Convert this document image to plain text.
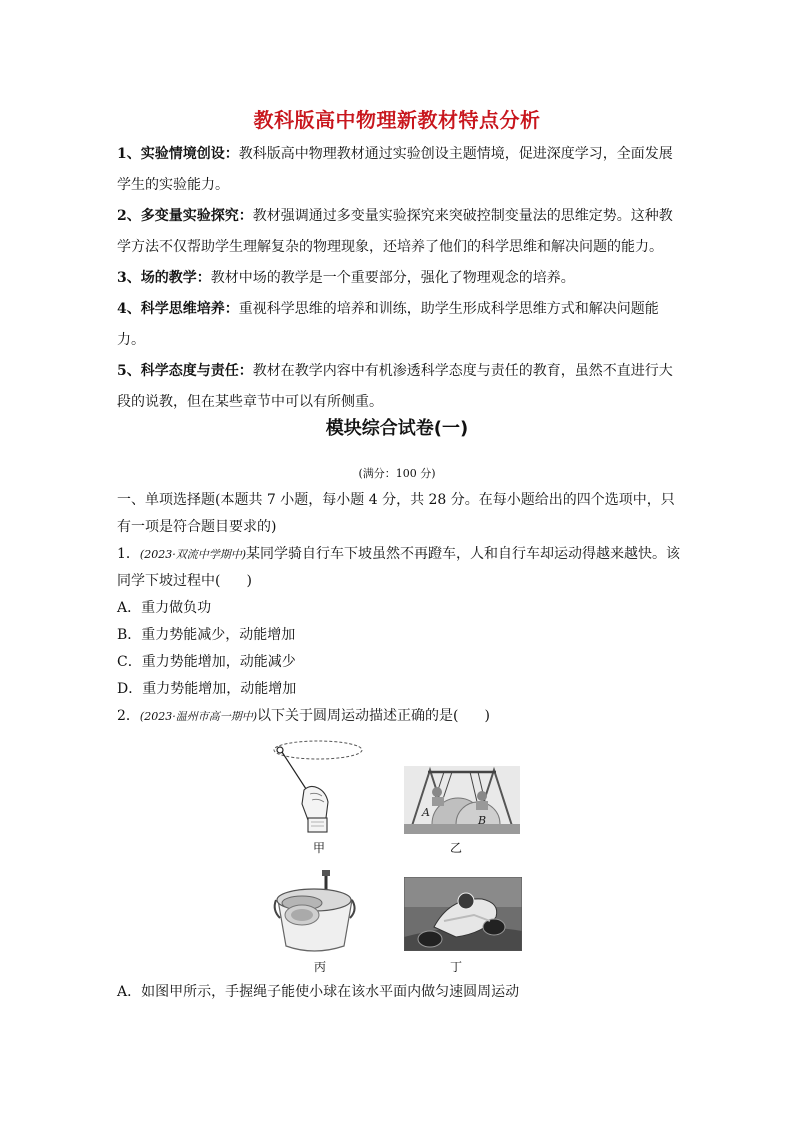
教科版高中物理新教材特点分析

1、实验情境创设：教科版高中物理教材通过实验创设主题情境，促进深度学习，全面发展学生的实验能力。

2、多变量实验探究：教材强调通过多变量实验探究来突破控制变量法的思维定势。这种教学方法不仅帮助学生理解复杂的物理现象，还培养了他们的科学思维和解决问题的能力。

3、场的教学：教材中场的教学是一个重要部分，强化了物理观念的培养。

4、科学思维培养：重视科学思维的培养和训练，助学生形成科学思维方式和解决问题能力。

5、科学态度与责任：教材在教学内容中有机渗透科学态度与责任的教育，虽然不直进行大段的说教，但在某些章节中可以有所侧重。

模块综合试卷(一)
(满分：100 分)

一、单项选择题(本题共 7 小题，每小题 4 分，共 28 分。在每小题给出的四个选项中，只有一项是符合题目要求的)

1．(2023·双流中学期中)某同学骑自行车下坡虽然不再蹬车，人和自行车却运动得越来越快。该同学下坡过程中( )

A．重力做负功

B．重力势能减少，动能增加

C．重力势能增加，动能减少

D．重力势能增加，动能增加

2．(2023·温州市高一期中)以下关于圆周运动描述正确的是( )

甲
A
B
乙
丙	丁

A．如图甲所示，手握绳子能使小球在该水平面内做匀速圆周运动
